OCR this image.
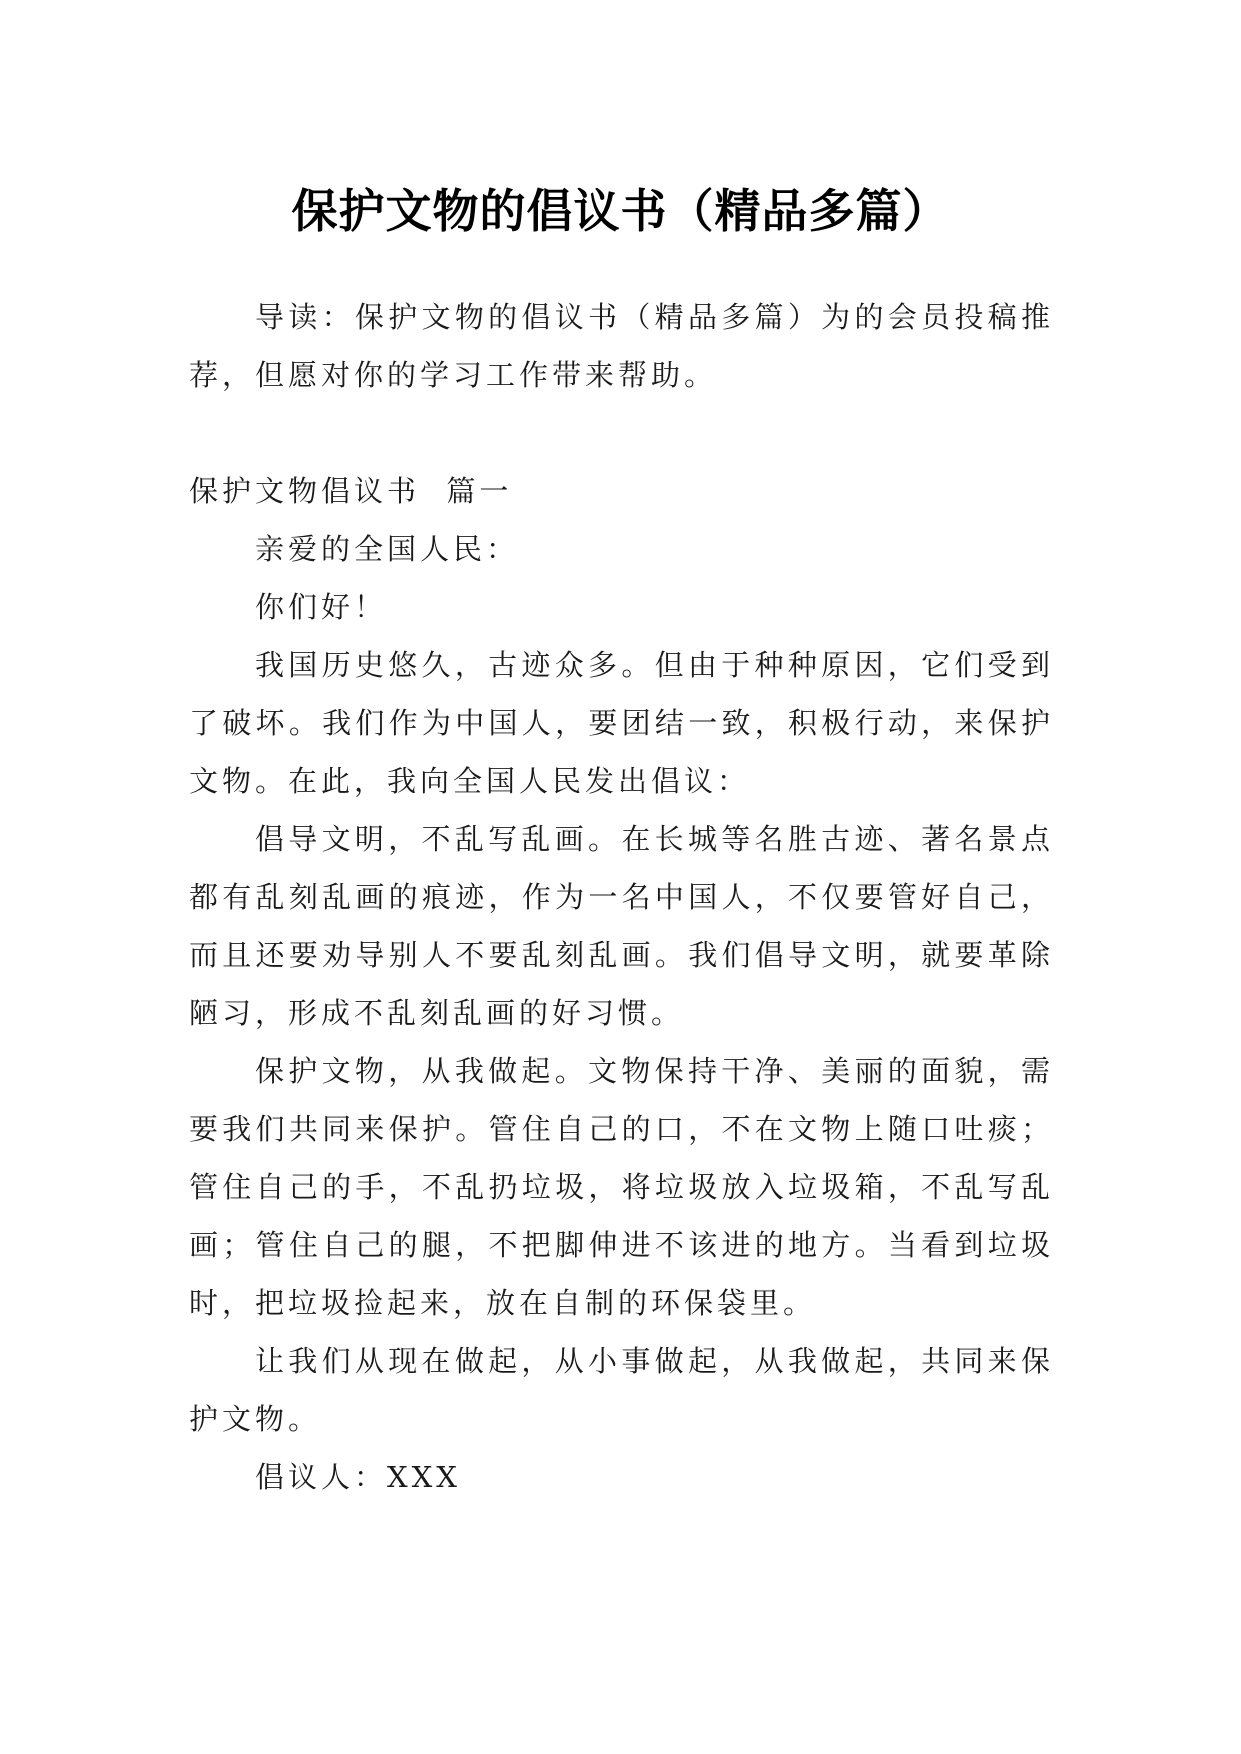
保护文物的倡议书（精品多篇）

导读：保护文物的倡议书（精品多篇）为的会员投稿推荐，但愿对你的学习工作带来帮助。

保护文物倡议书  篇一

亲爱的全国人民：

你们好！

我国历史悠久，古迹众多。但由于种种原因，它们受到了破坏。我们作为中国人，要团结一致，积极行动，来保护文物。在此，我向全国人民发出倡议：

倡导文明，不乱写乱画。在长城等名胜古迹、著名景点都有乱刻乱画的痕迹，作为一名中国人，不仅要管好自己，而且还要劝导别人不要乱刻乱画。我们倡导文明，就要革除陋习，形成不乱刻乱画的好习惯。

保护文物，从我做起。文物保持干净、美丽的面貌，需要我们共同来保护。管住自己的口，不在文物上随口吐痰；管住自己的手，不乱扔垃圾，将垃圾放入垃圾箱，不乱写乱画；管住自己的腿，不把脚伸进不该进的地方。当看到垃圾时，把垃圾捡起来，放在自制的环保袋里。

让我们从现在做起，从小事做起，从我做起，共同来保护文物。

倡议人：XXX
